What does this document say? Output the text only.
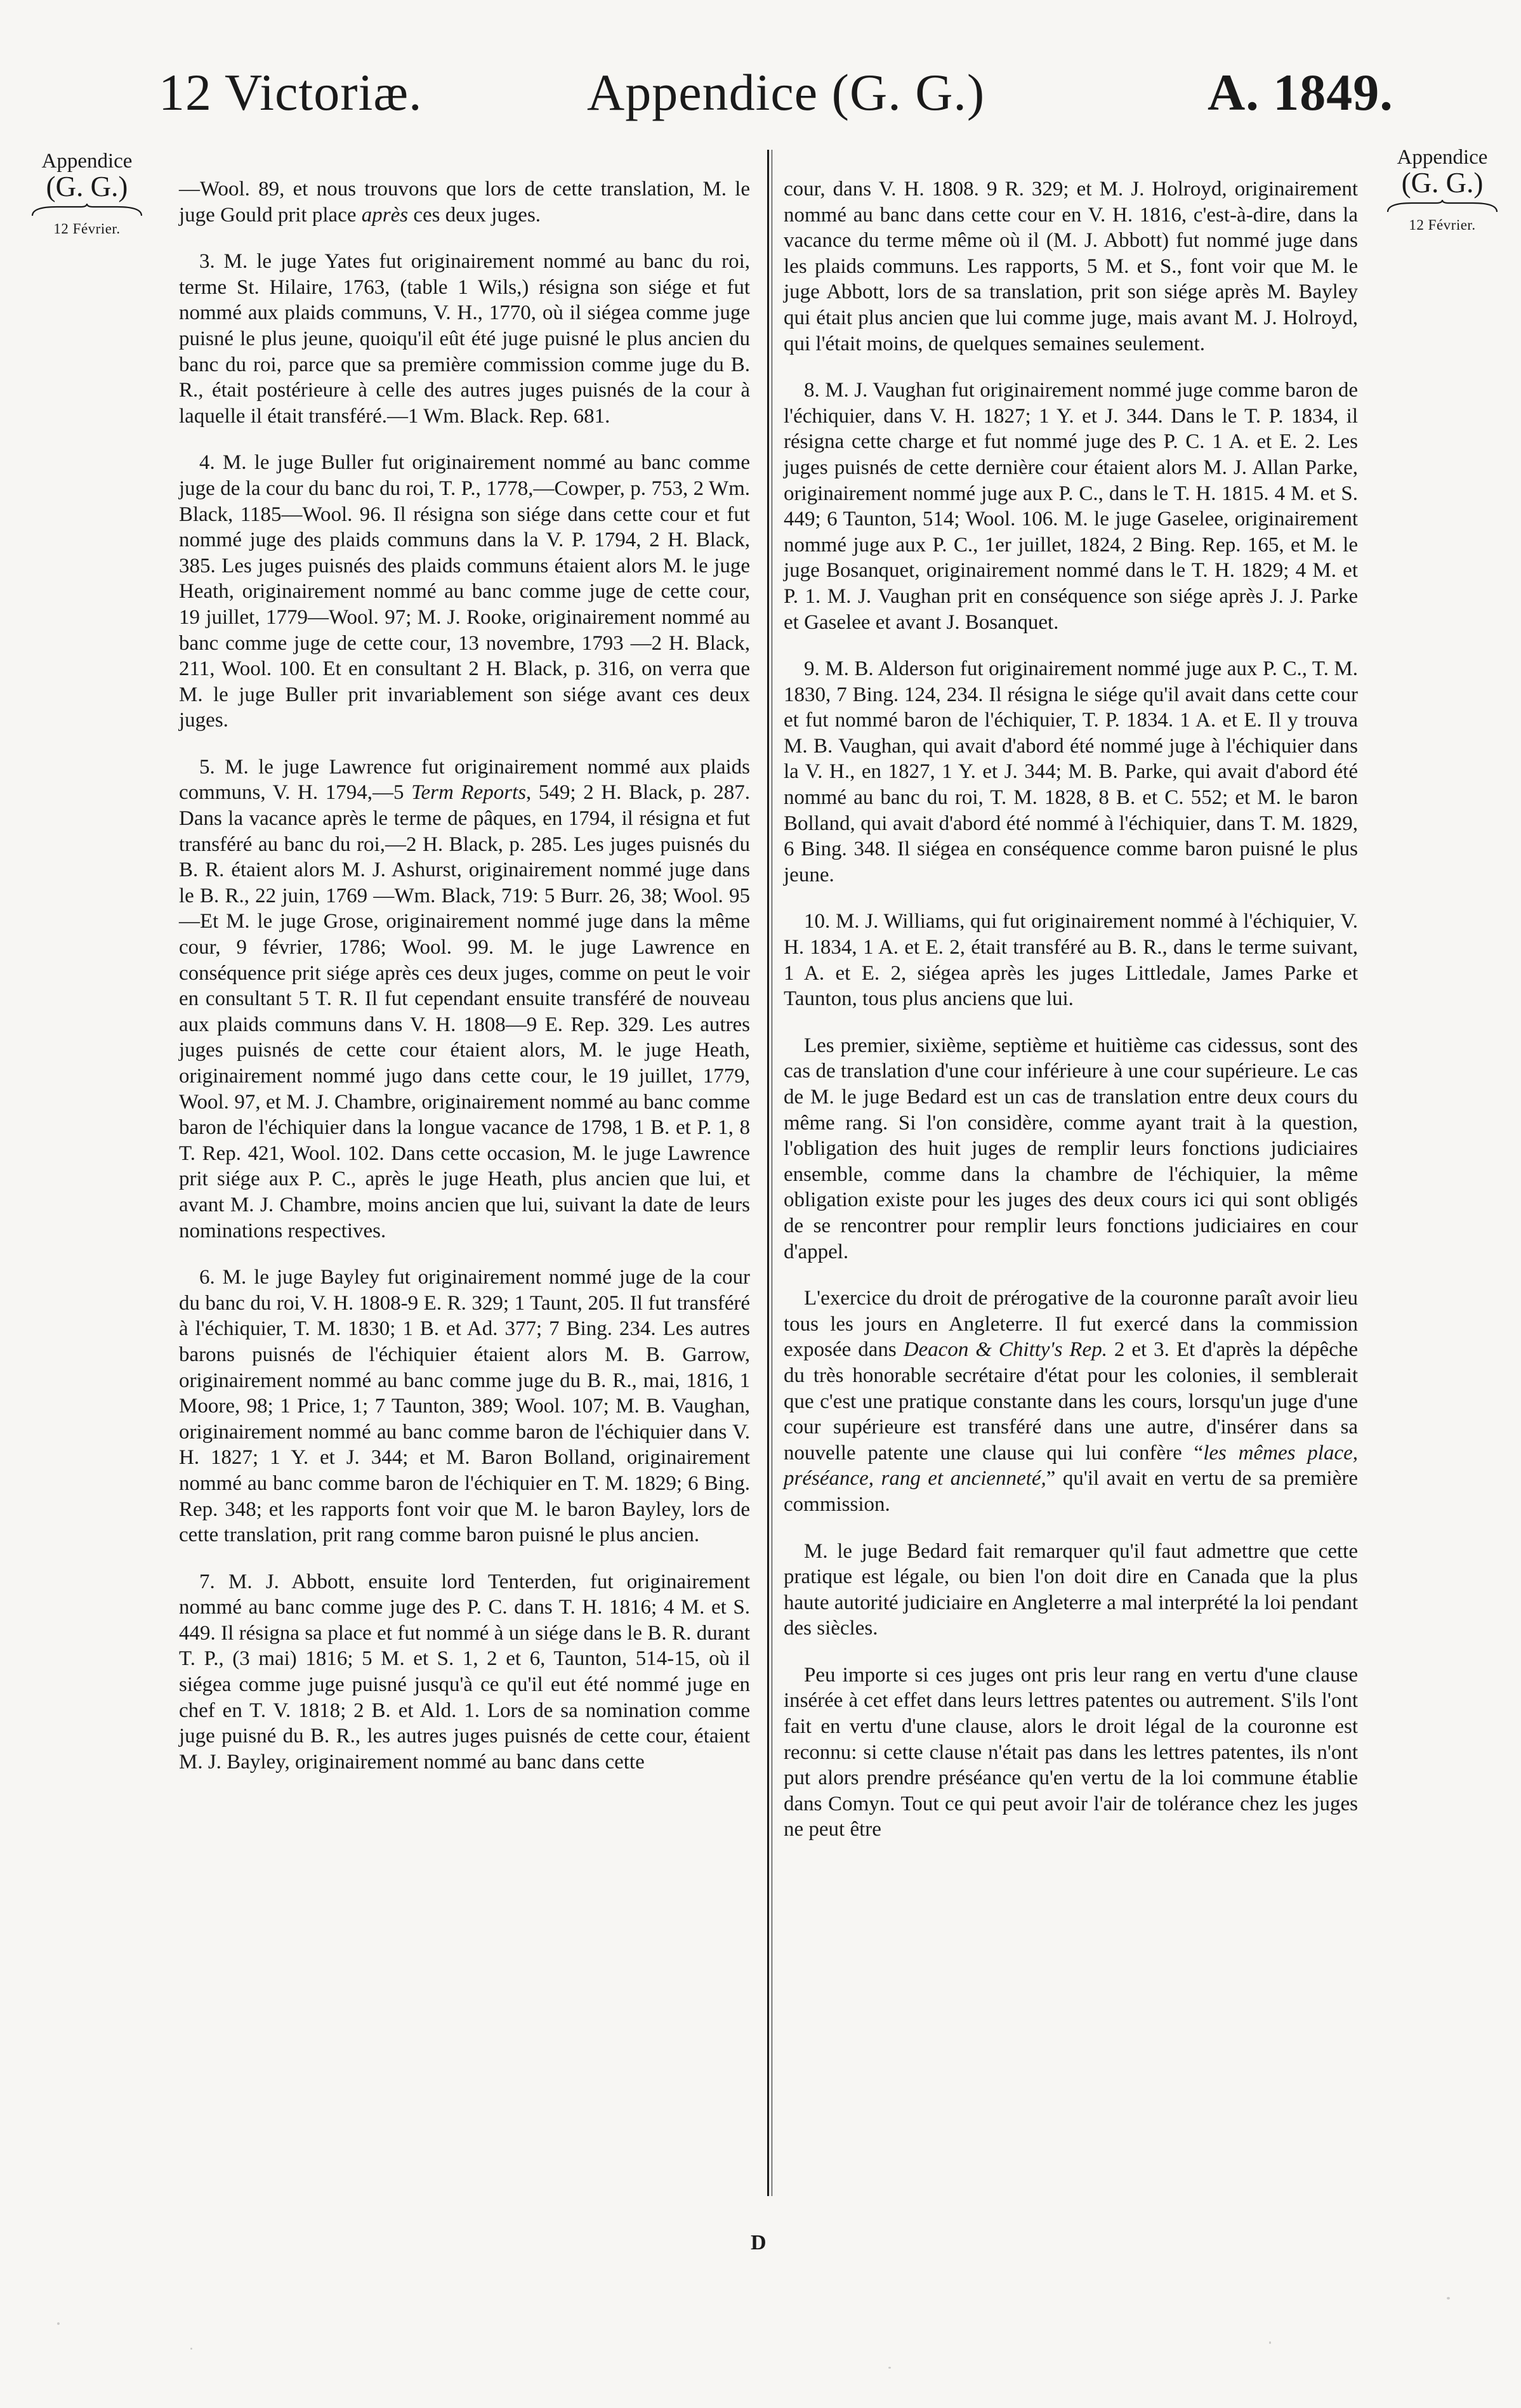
12 Victoriæ.	Appendice (G. G.)	A. 1849.
Appendice
(G. G.)
12 Février.
Appendice
(G. G.)
12 Février.

—Wool. 89, et nous trouvons que lors de cette translation, M. le juge Gould prit place après ces deux juges.

3. M. le juge Yates fut originairement nommé au banc du roi, terme St. Hilaire, 1763, (table 1 Wils,) résigna son siége et fut nommé aux plaids communs, V. H., 1770, où il siégea comme juge puisné le plus jeune, quoiqu'il eût été juge puisné le plus ancien du banc du roi, parce que sa première commission comme juge du B. R., était postérieure à celle des autres juges puisnés de la cour à laquelle il était transféré.—1 Wm. Black. Rep. 681.

4. M. le juge Buller fut originairement nommé au banc comme juge de la cour du banc du roi, T. P., 1778,—Cowper, p. 753, 2 Wm. Black, 1185—Wool. 96. Il résigna son siége dans cette cour et fut nommé juge des plaids communs dans la V. P. 1794, 2 H. Black, 385. Les juges puisnés des plaids communs étaient alors M. le juge Heath, originairement nommé au banc comme juge de cette cour, 19 juillet, 1779—Wool. 97; M. J. Rooke, originairement nommé au banc comme juge de cette cour, 13 novembre, 1793 —2 H. Black, 211, Wool. 100. Et en consultant 2 H. Black, p. 316, on verra que M. le juge Buller prit invariablement son siége avant ces deux juges.

5. M. le juge Lawrence fut originairement nommé aux plaids communs, V. H. 1794,—5 Term Reports, 549; 2 H. Black, p. 287. Dans la vacance après le terme de pâques, en 1794, il résigna et fut transféré au banc du roi,—2 H. Black, p. 285. Les juges puisnés du B. R. étaient alors M. J. Ashurst, originairement nommé juge dans le B. R., 22 juin, 1769 —Wm. Black, 719: 5 Burr. 26, 38; Wool. 95—Et M. le juge Grose, originairement nommé juge dans la même cour, 9 février, 1786; Wool. 99. M. le juge Lawrence en conséquence prit siége après ces deux juges, comme on peut le voir en consultant 5 T. R. Il fut cependant ensuite transféré de nouveau aux plaids communs dans V. H. 1808—9 E. Rep. 329. Les autres juges puisnés de cette cour étaient alors, M. le juge Heath, originairement nommé jugo dans cette cour, le 19 juillet, 1779, Wool. 97, et M. J. Chambre, originairement nommé au banc comme baron de l'échiquier dans la longue vacance de 1798, 1 B. et P. 1, 8 T. Rep. 421, Wool. 102. Dans cette occasion, M. le juge Lawrence prit siége aux P. C., après le juge Heath, plus ancien que lui, et avant M. J. Chambre, moins ancien que lui, suivant la date de leurs nominations respectives.

6. M. le juge Bayley fut originairement nommé juge de la cour du banc du roi, V. H. 1808-9 E. R. 329; 1 Taunt, 205. Il fut transféré à l'échiquier, T. M. 1830; 1 B. et Ad. 377; 7 Bing. 234. Les autres barons puisnés de l'échiquier étaient alors M. B. Garrow, originairement nommé au banc comme juge du B. R., mai, 1816, 1 Moore, 98; 1 Price, 1; 7 Taunton, 389; Wool. 107; M. B. Vaughan, originairement nommé au banc comme baron de l'échiquier dans V. H. 1827; 1 Y. et J. 344; et M. Baron Bolland, originairement nommé au banc comme baron de l'échiquier en T. M. 1829; 6 Bing. Rep. 348; et les rapports font voir que M. le baron Bayley, lors de cette translation, prit rang comme baron puisné le plus ancien.

7. M. J. Abbott, ensuite lord Tenterden, fut originairement nommé au banc comme juge des P. C. dans T. H. 1816; 4 M. et S. 449. Il résigna sa place et fut nommé à un siége dans le B. R. durant T. P., (3 mai) 1816; 5 M. et S. 1, 2 et 6, Taunton, 514-15, où il siégea comme juge puisné jusqu'à ce qu'il eut été nommé juge en chef en T. V. 1818; 2 B. et Ald. 1. Lors de sa nomination comme juge puisné du B. R., les autres juges puisnés de cette cour, étaient M. J. Bayley, originairement nommé au banc dans cette

cour, dans V. H. 1808. 9 R. 329; et M. J. Holroyd, originairement nommé au banc dans cette cour en V. H. 1816, c'est-à-dire, dans la vacance du terme même où il (M. J. Abbott) fut nommé juge dans les plaids communs. Les rapports, 5 M. et S., font voir que M. le juge Abbott, lors de sa translation, prit son siége après M. Bayley qui était plus ancien que lui comme juge, mais avant M. J. Holroyd, qui l'était moins, de quelques semaines seulement.

8. M. J. Vaughan fut originairement nommé juge comme baron de l'échiquier, dans V. H. 1827; 1 Y. et J. 344. Dans le T. P. 1834, il résigna cette charge et fut nommé juge des P. C. 1 A. et E. 2. Les juges puisnés de cette dernière cour étaient alors M. J. Allan Parke, originairement nommé juge aux P. C., dans le T. H. 1815. 4 M. et S. 449; 6 Taunton, 514; Wool. 106. M. le juge Gaselee, originairement nommé juge aux P. C., 1er juillet, 1824, 2 Bing. Rep. 165, et M. le juge Bosanquet, originairement nommé dans le T. H. 1829; 4 M. et P. 1. M. J. Vaughan prit en conséquence son siége après J. J. Parke et Gaselee et avant J. Bosanquet.

9. M. B. Alderson fut originairement nommé juge aux P. C., T. M. 1830, 7 Bing. 124, 234. Il résigna le siége qu'il avait dans cette cour et fut nommé baron de l'échiquier, T. P. 1834. 1 A. et E. Il y trouva M. B. Vaughan, qui avait d'abord été nommé juge à l'échiquier dans la V. H., en 1827, 1 Y. et J. 344; M. B. Parke, qui avait d'abord été nommé au banc du roi, T. M. 1828, 8 B. et C. 552; et M. le baron Bolland, qui avait d'abord été nommé à l'échiquier, dans T. M. 1829, 6 Bing. 348. Il siégea en conséquence comme baron puisné le plus jeune.

10. M. J. Williams, qui fut originairement nommé à l'échiquier, V. H. 1834, 1 A. et E. 2, était transféré au B. R., dans le terme suivant, 1 A. et E. 2, siégea après les juges Littledale, James Parke et Taunton, tous plus anciens que lui.

Les premier, sixième, septième et huitième cas cidessus, sont des cas de translation d'une cour inférieure à une cour supérieure. Le cas de M. le juge Bedard est un cas de translation entre deux cours du même rang. Si l'on considère, comme ayant trait à la question, l'obligation des huit juges de remplir leurs fonctions judiciaires ensemble, comme dans la chambre de l'échiquier, la même obligation existe pour les juges des deux cours ici qui sont obligés de se rencontrer pour remplir leurs fonctions judiciaires en cour d'appel.

L'exercice du droit de prérogative de la couronne paraît avoir lieu tous les jours en Angleterre. Il fut exercé dans la commission exposée dans Deacon & Chitty's Rep. 2 et 3. Et d'après la dépêche du très honorable secrétaire d'état pour les colonies, il semblerait que c'est une pratique constante dans les cours, lorsqu'un juge d'une cour supérieure est transféré dans une autre, d'insérer dans sa nouvelle patente une clause qui lui confère “les mêmes place, préséance, rang et ancienneté,” qu'il avait en vertu de sa première commission.

M. le juge Bedard fait remarquer qu'il faut admettre que cette pratique est légale, ou bien l'on doit dire en Canada que la plus haute autorité judiciaire en Angleterre a mal interprété la loi pendant des siècles.

Peu importe si ces juges ont pris leur rang en vertu d'une clause insérée à cet effet dans leurs lettres patentes ou autrement. S'ils l'ont fait en vertu d'une clause, alors le droit légal de la couronne est reconnu: si cette clause n'était pas dans les lettres patentes, ils n'ont put alors prendre préséance qu'en vertu de la loi commune établie dans Comyn. Tout ce qui peut avoir l'air de tolérance chez les juges ne peut être

D
